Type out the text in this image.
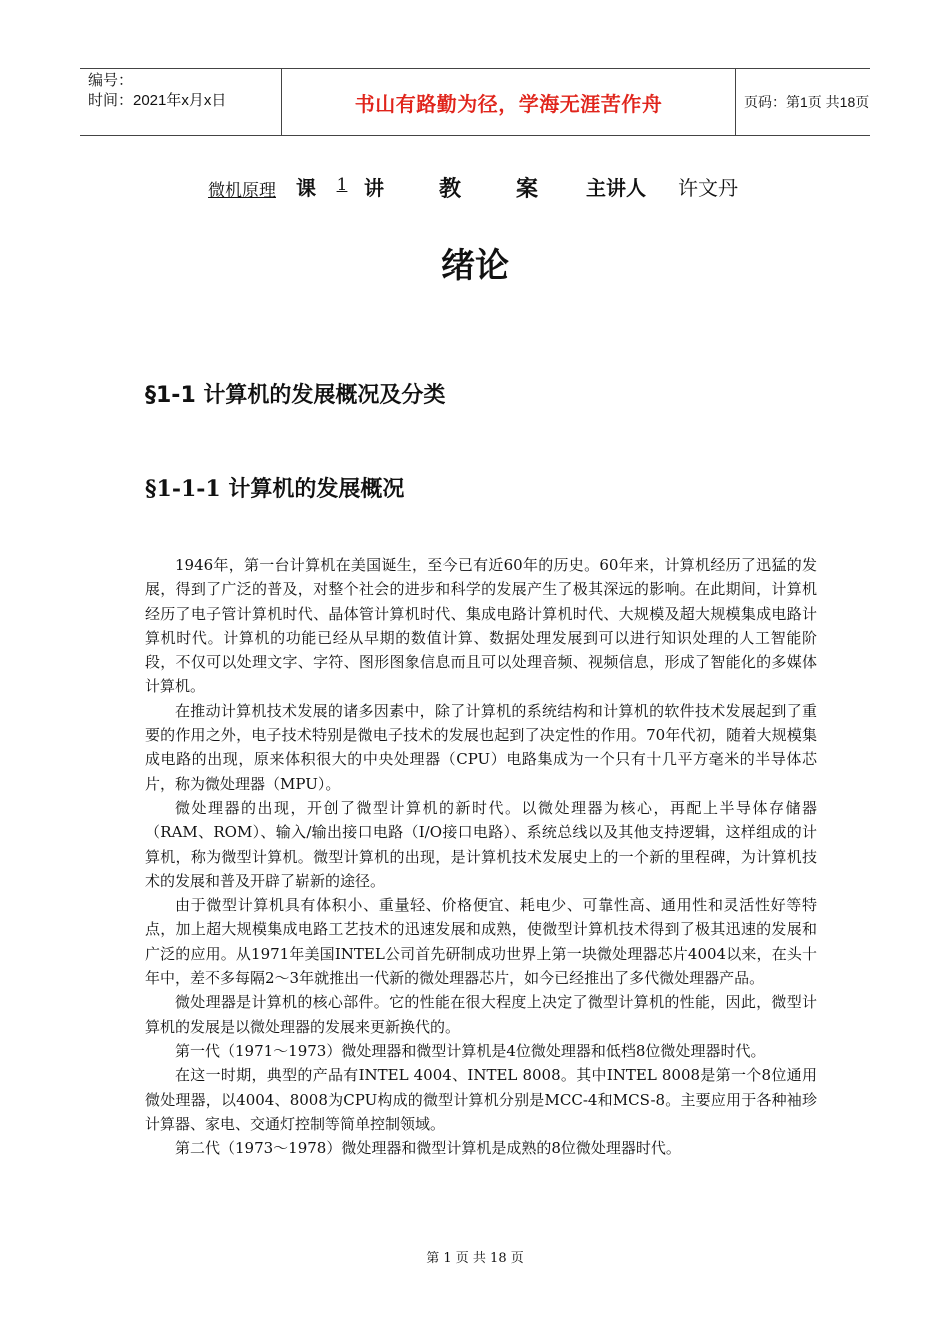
编号：
时间：2021年x月x日	书山有路勤为径，学海无涯苦作舟	页码：第1页 共18页
微机原理 课	1 讲	教 案 主讲人 许文丹
绪论
§1-1 计算机的发展概况及分类
§1-1-1 计算机的发展概况

1946年，第一台计算机在美国诞生，至今已有近60年的历史。60年来，计算机经历了迅猛的发展，得到了广泛的普及，对整个社会的进步和科学的发展产生了极其深远的影响。在此期间，计算机经历了电子管计算机时代、晶体管计算机时代、集成电路计算机时代、大规模及超大规模集成电路计算机时代。计算机的功能已经从早期的数值计算、数据处理发展到可以进行知识处理的人工智能阶段，不仅可以处理文字、字符、图形图象信息而且可以处理音频、视频信息，形成了智能化的多媒体计算机。

在推动计算机技术发展的诸多因素中，除了计算机的系统结构和计算机的软件技术发展起到了重要的作用之外，电子技术特别是微电子技术的发展也起到了决定性的作用。70年代初，随着大规模集成电路的出现，原来体积很大的中央处理器（CPU）电路集成为一个只有十几平方毫米的半导体芯片，称为微处理器（MPU）。

微处理器的出现，开创了微型计算机的新时代。以微处理器为核心，再配上半导体存储器（RAM、ROM）、输入/输出接口电路（I/O接口电路）、系统总线以及其他支持逻辑，这样组成的计算机，称为微型计算机。微型计算机的出现，是计算机技术发展史上的一个新的里程碑，为计算机技术的发展和普及开辟了崭新的途径。

由于微型计算机具有体积小、重量轻、价格便宜、耗电少、可靠性高、通用性和灵活性好等特点，加上超大规模集成电路工艺技术的迅速发展和成熟，使微型计算机技术得到了极其迅速的发展和广泛的应用。从1971年美国INTEL公司首先研制成功世界上第一块微处理器芯片4004以来，在头十年中，差不多每隔2～3年就推出一代新的微处理器芯片，如今已经推出了多代微处理器产品。

微处理器是计算机的核心部件。它的性能在很大程度上决定了微型计算机的性能，因此，微型计算机的发展是以微处理器的发展来更新换代的。

第一代（1971～1973）微处理器和微型计算机是4位微处理器和低档8位微处理器时代。

在这一时期，典型的产品有INTEL 4004、INTEL 8008。其中INTEL 8008是第一个8位通用微处理器，以4004、8008为CPU构成的微型计算机分别是MCC-4和MCS-8。主要应用于各种袖珍计算器、家电、交通灯控制等简单控制领域。

第二代（1973～1978）微处理器和微型计算机是成熟的8位微处理器时代。

第 1 页 共 18 页
